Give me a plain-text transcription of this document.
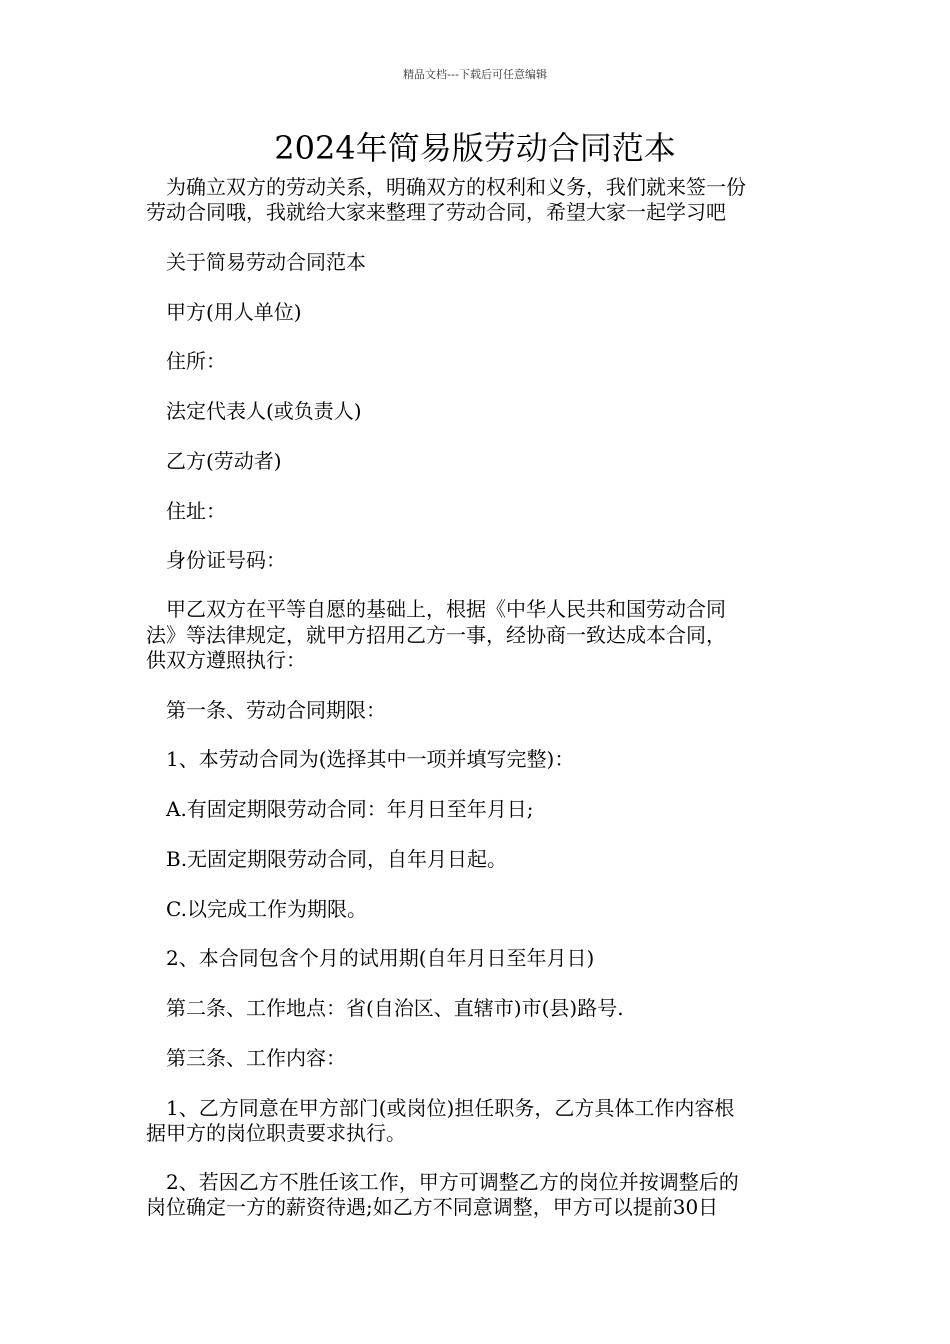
精品文档---下载后可任意编辑
2024年简易版劳动合同范本
　为确立双方的劳动关系，明确双方的权利和义务，我们就来签一份
劳动合同哦，我就给大家来整理了劳动合同，希望大家一起学习吧
关于简易劳动合同范本
甲方(用人单位)
住所：
法定代表人(或负责人)
乙方(劳动者)
住址：
身份证号码：
　甲乙双方在平等自愿的基础上，根据《中华人民共和国劳动合同
法》等法律规定，就甲方招用乙方一事，经协商一致达成本合同，
供双方遵照执行：
第一条、劳动合同期限：
1、本劳动合同为(选择其中一项并填写完整)：
A.有固定期限劳动合同：年月日至年月日;
B.无固定期限劳动合同，自年月日起。
C.以完成工作为期限。
2、本合同包含个月的试用期(自年月日至年月日)
第二条、工作地点：省(自治区、直辖市)市(县)路号.
第三条、工作内容：
　1、乙方同意在甲方部门(或岗位)担任职务，乙方具体工作内容根
据甲方的岗位职责要求执行。
　2、若因乙方不胜任该工作，甲方可调整乙方的岗位并按调整后的
岗位确定一方的薪资待遇;如乙方不同意调整，甲方可以提前30日
